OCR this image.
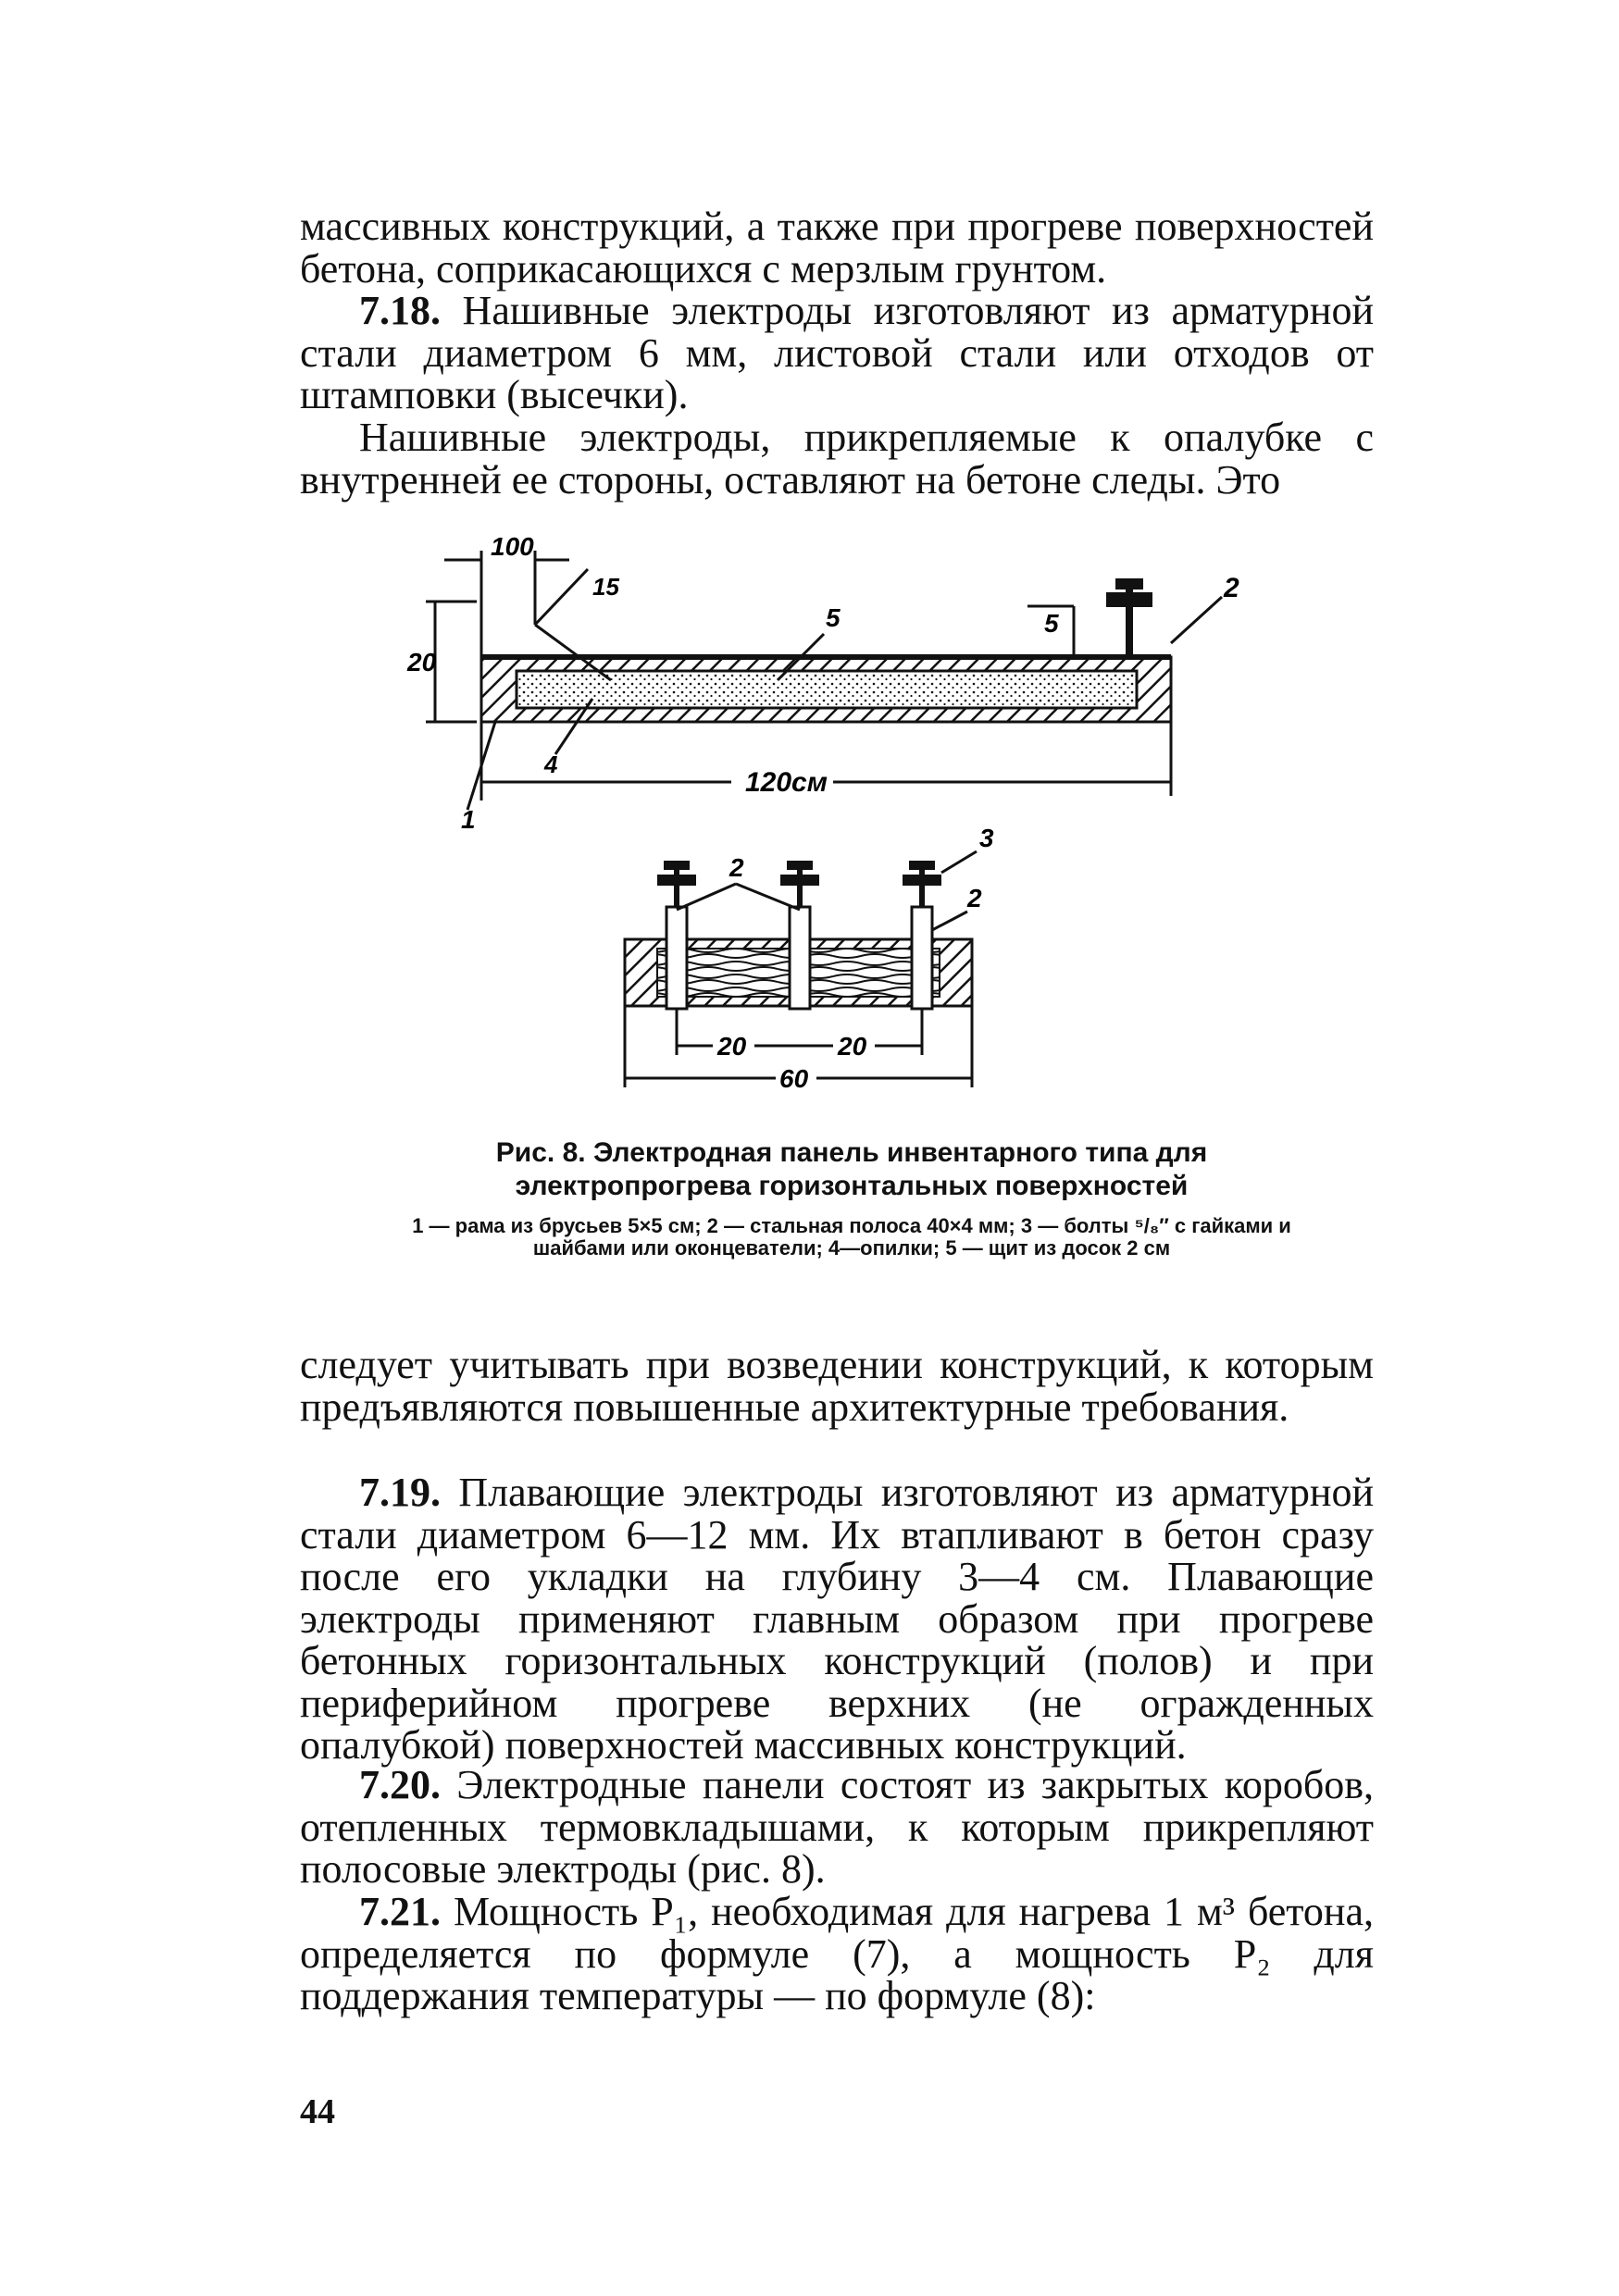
массивных конструкций, а также при прогреве поверхностей бетона, соприкасающихся с мерзлым грунтом.

7.18. Нашивные электроды изготовляют из арматурной стали диаметром 6 мм, листовой стали или отходов от штамповки (высечки).

Нашивные электроды, прикрепляемые к опалубке с внутренней ее стороны, оставляют на бетоне следы. Это

100
15
20
5	5
2
4
120см
1
2
2
3
20	20
60
Рис. 8. Электродная панель инвентарного типа для электропрогрева горизонтальных поверхностей
1 — рама из брусьев 5×5 см; 2 — стальная полоса 40×4 мм; 3 — болты ⁵/₈″ с гайками и шайбами или оконцеватели; 4—опилки; 5 — щит из досок 2 см

следует учитывать при возведении конструкций, к которым предъявляются повышенные архитектурные требования.

7.19. Плавающие электроды изготовляют из арматурной стали диаметром 6—12 мм. Их втапливают в бетон сразу после его укладки на глубину 3—4 см. Плавающие электроды применяют главным образом при прогреве бетонных горизонтальных конструкций (полов) и при периферийном прогреве верхних (не огражденных опалубкой) поверхностей массивных конструкций.

7.20. Электродные панели состоят из закрытых коробов, отепленных термовкладышами, к которым прикрепляют полосовые электроды (рис. 8).

7.21. Мощность P₁, необходимая для нагрева 1 м³ бетона, определяется по формуле (7), а мощность P₂ для поддержания температуры — по формуле (8):

44
